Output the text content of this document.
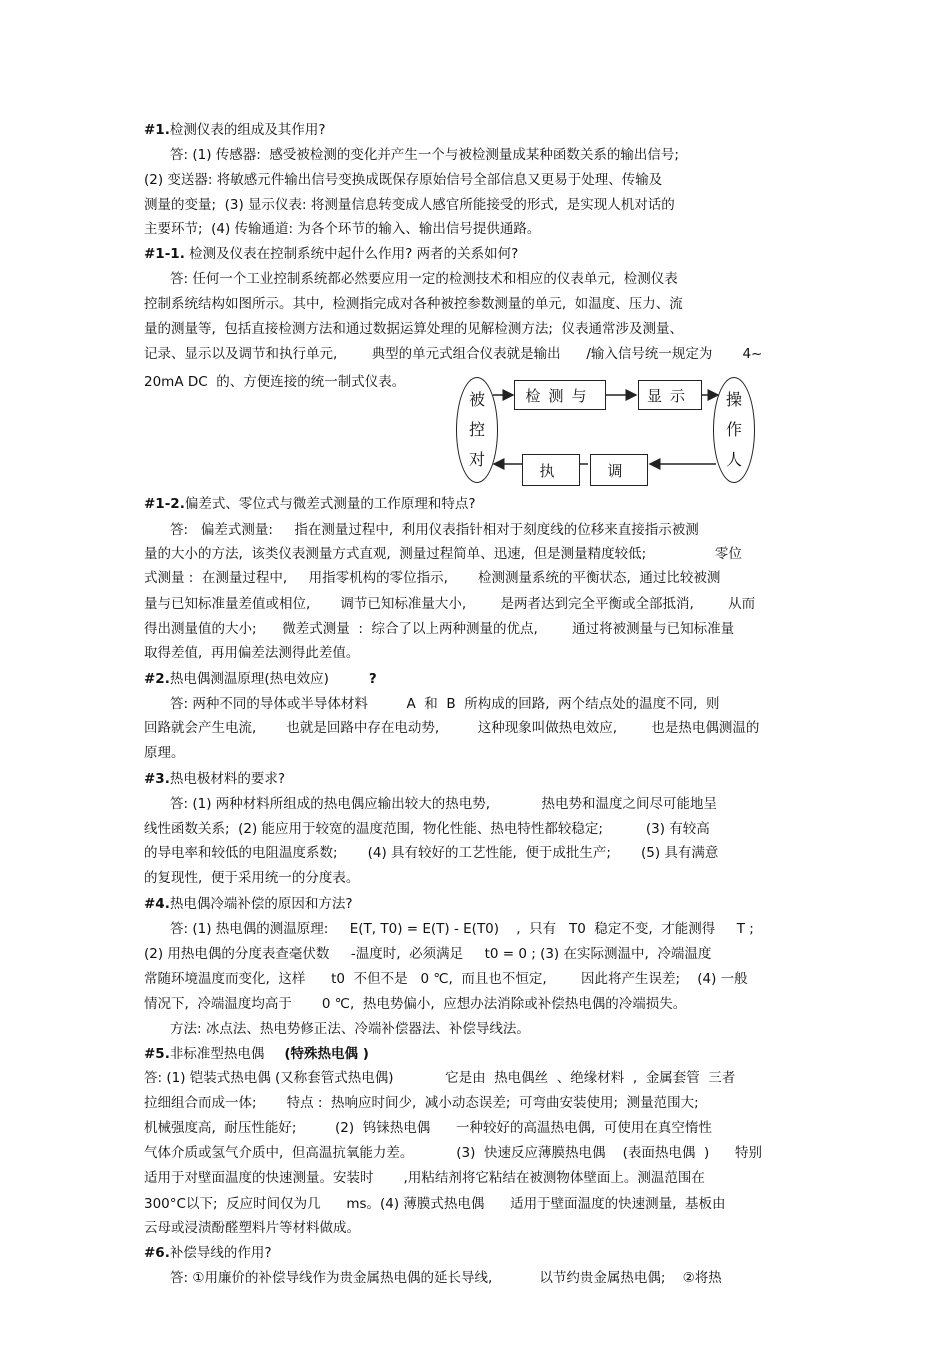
#1.检测仪表的组成及其作用?
答: (1) 传感器:  感受被检测的变化并产生一个与被检测量成某种函数关系的输出信号;
(2) 变送器: 将敏感元件输出信号变换成既保存原始信号全部信息又更易于处理、传输及
测量的变量;  (3) 显示仪表: 将测量信息转变成人感官所能接受的形式,  是实现人机对话的
主要环节;  (4) 传输通道: 为各个环节的输入、输出信号提供通路。
#1-1. 检测及仪表在控制系统中起什么作用? 两者的关系如何?
答: 任何一个工业控制系统都必然要应用一定的检测技术和相应的仪表单元,  检测仪表
控制系统结构如图所示。其中,  检测指完成对各种被控参数测量的单元,  如温度、压力、流
量的测量等,  包括直接检测方法和通过数据运算处理的见解检测方法;  仪表通常涉及测量、
记录、显示以及调节和执行单元,        典型的单元式组合仪表就是输出      /输入信号统一规定为       4~
20mA DC  的、方便连接的统一制式仪表。
被
控
对
操
作
人
检测与	显示
执	调
#1-2.偏差式、零位式与微差式测量的工作原理和特点?
答:   偏差式测量:     指在测量过程中,  利用仪表指针相对于刻度线的位移来直接指示被测
量的大小的方法,  该类仪表测量方式直观,  测量过程简单、迅速,  但是测量精度较低;                零位
式测量 :  在测量过程中,     用指零机构的零位指示,       检测测量系统的平衡状态,  通过比较被测
量与已知标准量差值或相位,       调节已知标准量大小,        是两者达到完全平衡或全部抵消,        从而
得出测量值的大小;      微差式测量  :  综合了以上两种测量的优点,        通过将被测量与已知标准量
取得差值,  再用偏差法测得此差值。
#2.热电偶测温原理(热电效应)	?
答: 两种不同的导体或半导体材料         A  和  B  所构成的回路,  两个结点处的温度不同,  则
回路就会产生电流,       也就是回路中存在电动势,         这种现象叫做热电效应,        也是热电偶测温的
原理。
#3.热电极材料的要求?
答: (1) 两种材料所组成的热电偶应输出较大的热电势,            热电势和温度之间尽可能地呈
线性函数关系;  (2) 能应用于较宽的温度范围,  物化性能、热电特性都较稳定;          (3) 有较高
的导电率和较低的电阻温度系数;       (4) 具有较好的工艺性能,  便于成批生产;       (5) 具有满意
的复现性,  便于采用统一的分度表。
#4.热电偶冷端补偿的原因和方法?
答: (1) 热电偶的测温原理:     E(T, T0) = E(T) - E(T0)    ,  只有   T0  稳定不变,  才能测得     T ;
(2) 用热电偶的分度表查毫伏数     -温度时,  必须满足     t0 = 0 ; (3) 在实际测温中,  冷端温度
常随环境温度而变化,  这样      t0  不但不是   0 ℃,  而且也不恒定,        因此将产生误差;    (4) 一般
情况下,  冷端温度均高于       0 ℃,  热电势偏小,  应想办法消除或补偿热电偶的冷端损失。
方法: 冰点法、热电势修正法、冷端补偿器法、补偿导线法。
#5.非标准型热电偶 (特殊热电偶 )
答: (1) 铠装式热电偶 (又称套管式热电偶)            它是由  热电偶丝  、绝缘材料  ,  金属套管  三者
拉细组合而成一体;       特点 :  热响应时间少,  减小动态误差;  可弯曲安装使用;  测量范围大;
机械强度高,  耐压性能好;         (2)  钨铼热电偶      一种较好的高温热电偶,  可使用在真空惰性
气体介质或氢气介质中,  但高温抗氧能力差。          (3)  快速反应薄膜热电偶    (表面热电偶  )      特别
适用于对壁面温度的快速测量。安装时       ,用粘结剂将它粘结在被测物体壁面上。测温范围在
300°C以下;  反应时间仅为几      ms。(4) 薄膜式热电偶      适用于壁面温度的快速测量,  基板由
云母或浸渍酚醛塑料片等材料做成。
#6.补偿导线的作用?
答: ①用廉价的补偿导线作为贵金属热电偶的延长导线,           以节约贵金属热电偶;    ②将热
